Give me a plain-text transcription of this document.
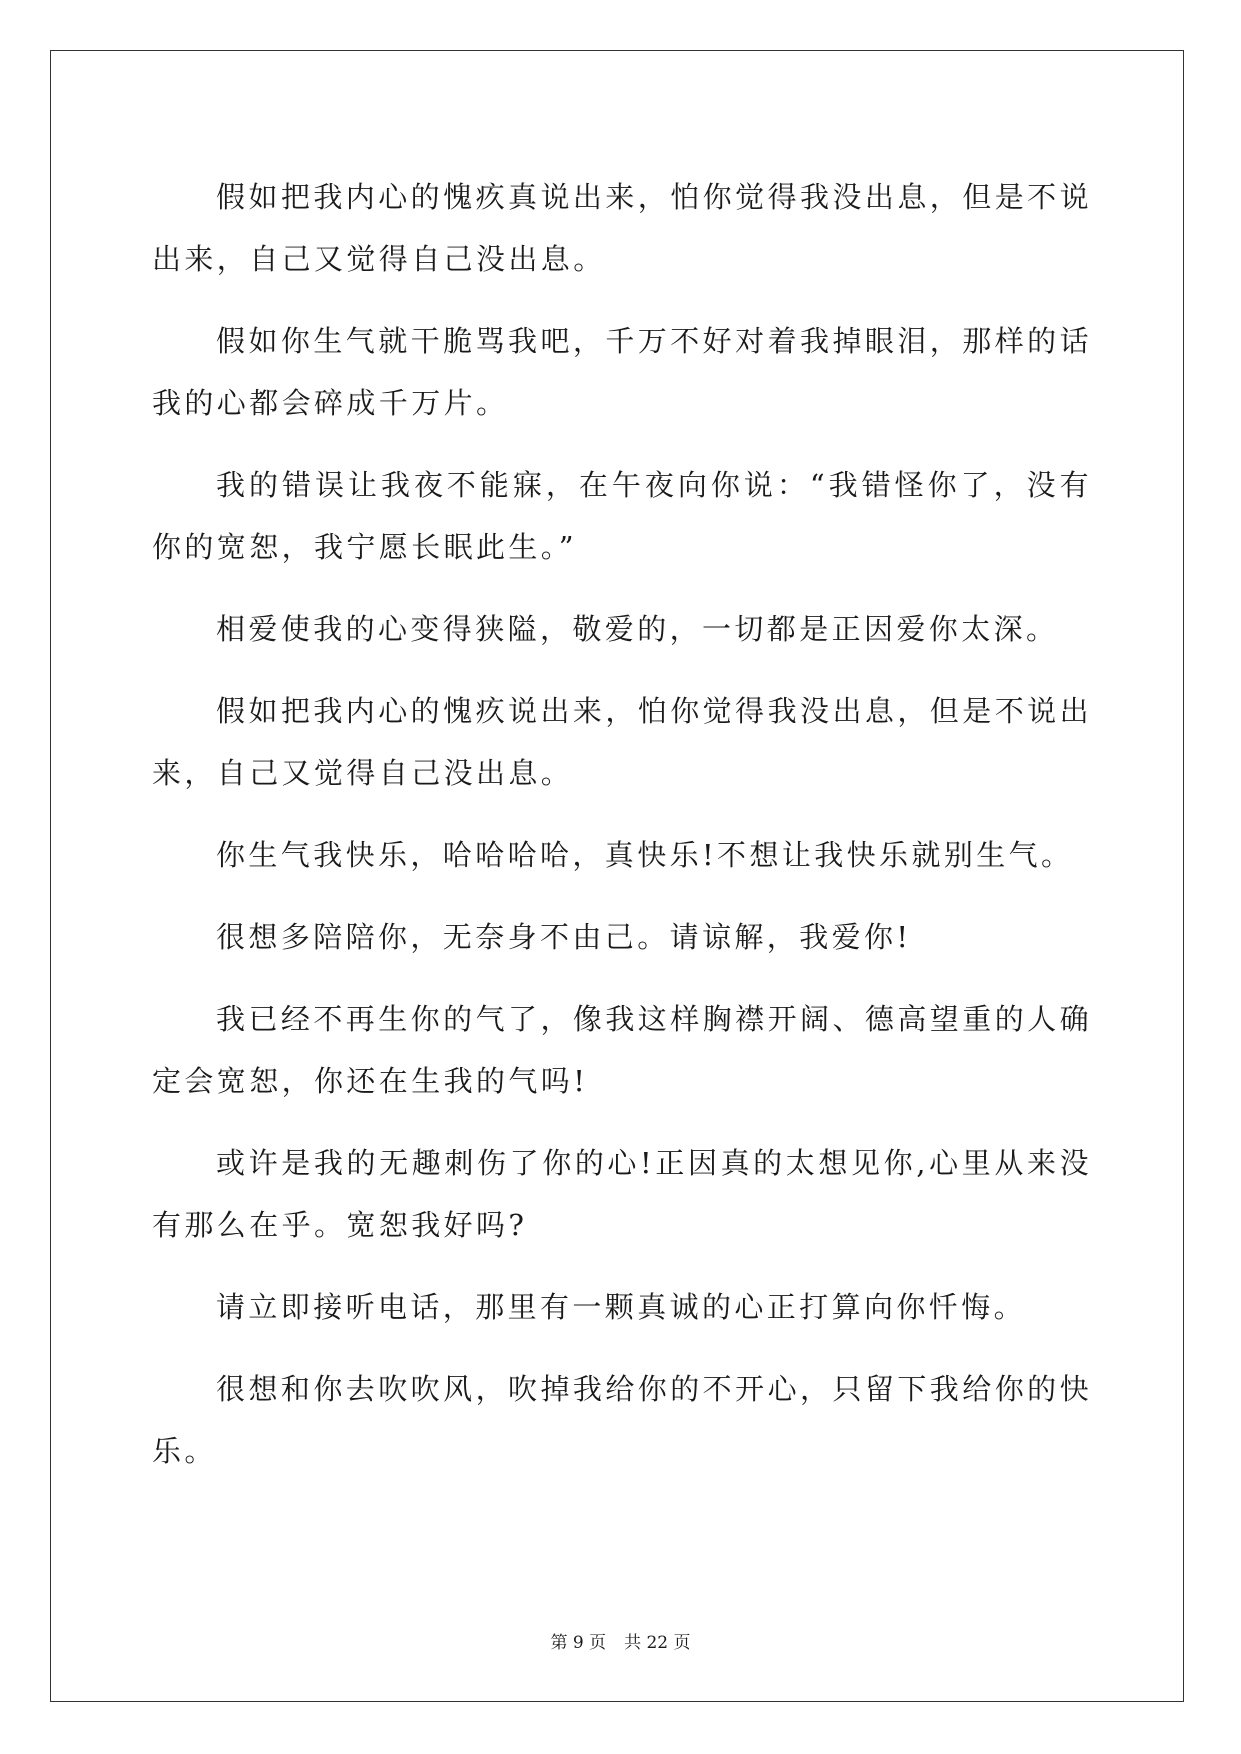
假如把我内心的愧疚真说出来，怕你觉得我没出息，但是不说出来，自己又觉得自己没出息。

假如你生气就干脆骂我吧，千万不好对着我掉眼泪，那样的话我的心都会碎成千万片。

我的错误让我夜不能寐，在午夜向你说：“我错怪你了，没有你的宽恕，我宁愿长眠此生。”

相爱使我的心变得狭隘，敬爱的，一切都是正因爱你太深。

假如把我内心的愧疚说出来，怕你觉得我没出息，但是不说出来，自己又觉得自己没出息。

你生气我快乐，哈哈哈哈，真快乐!不想让我快乐就别生气。

很想多陪陪你，无奈身不由己。请谅解，我爱你!

我已经不再生你的气了，像我这样胸襟开阔、德高望重的人确定会宽恕，你还在生我的气吗!

或许是我的无趣刺伤了你的心!正因真的太想见你,心里从来没有那么在乎。宽恕我好吗?

请立即接听电话，那里有一颗真诚的心正打算向你忏悔。

很想和你去吹吹风，吹掉我给你的不开心，只留下我给你的快乐。

第 9 页 共 22 页
